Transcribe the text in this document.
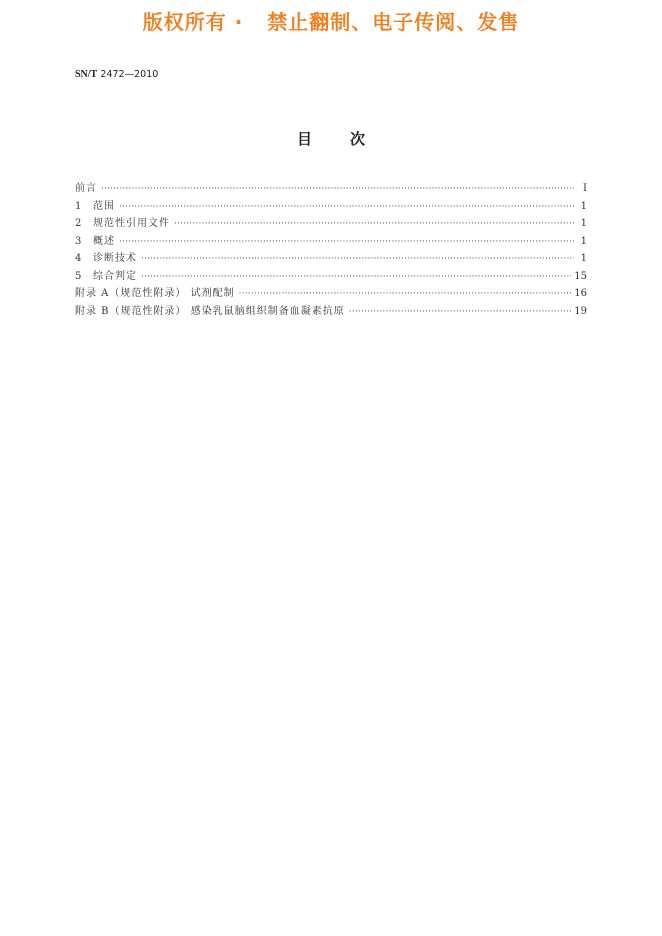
版权所有 ·   禁止翻制、电子传阅、发售
SN/T 2472—2010
目次
前言 ·····	Ⅰ
1	范围 ·····	1
2	规范性引用文件 ·····	1
3	概述 ·····	1
4	诊断技术 ·····	1
5	综合判定 ·····	15
附录 A（规范性附录） 试剂配制 ·····	16
附录 B（规范性附录） 感染乳鼠脑组织制备血凝素抗原 ·····	19
